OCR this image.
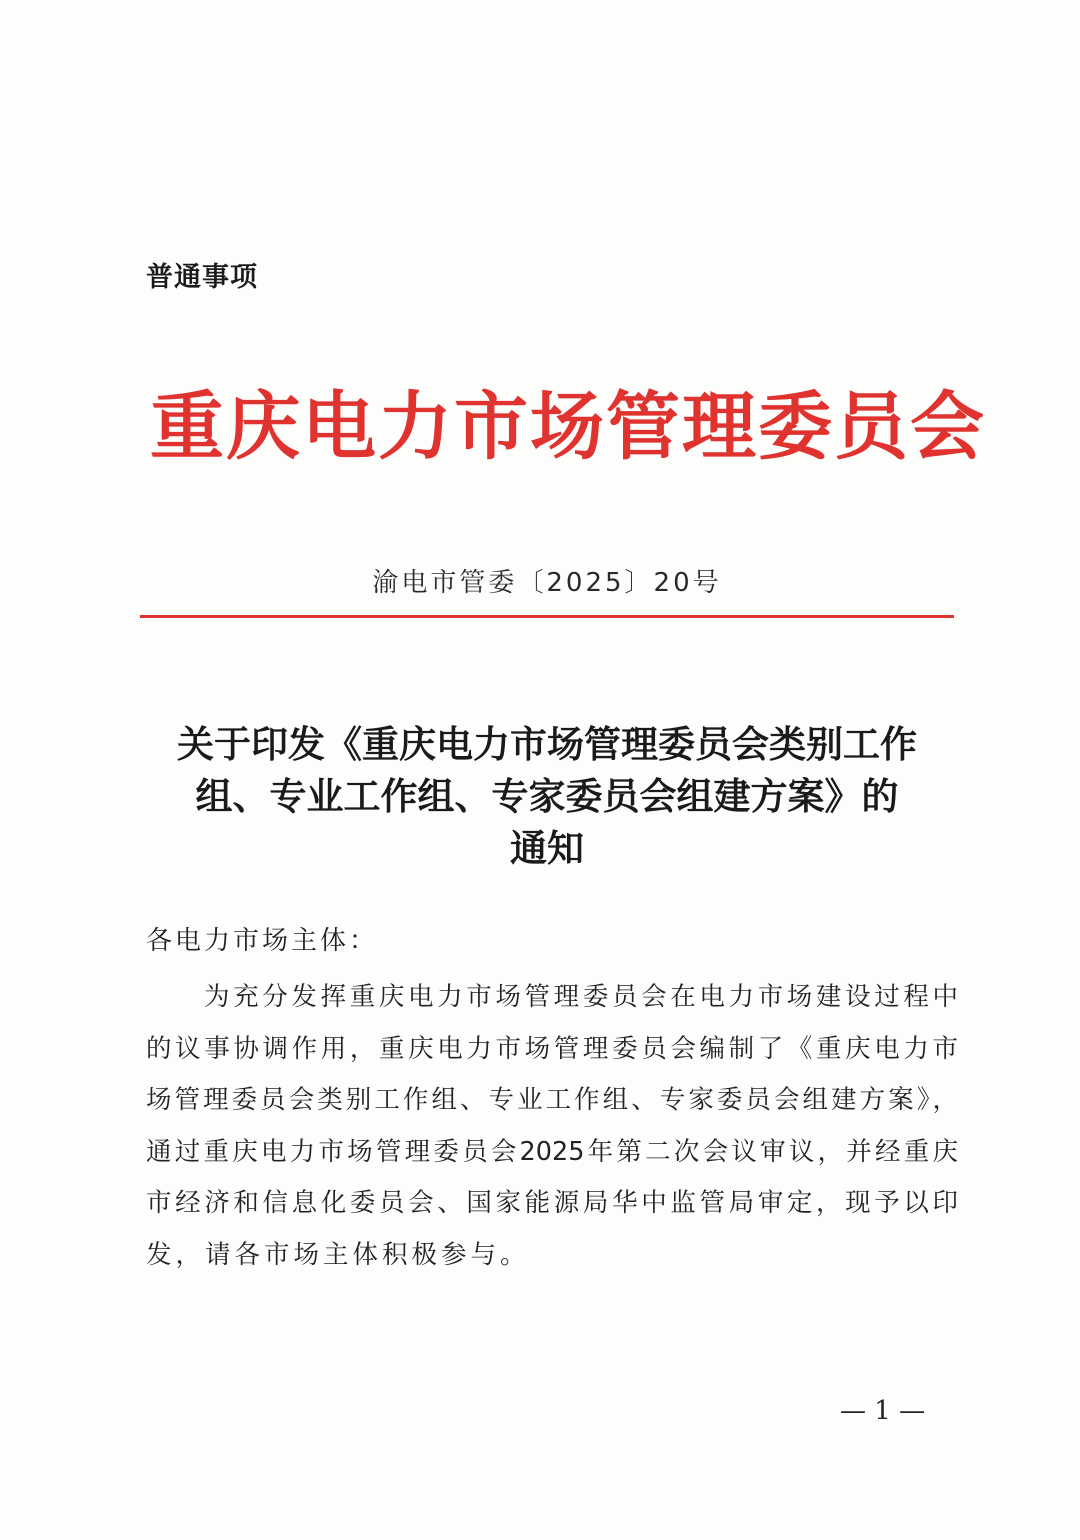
普通事项
重庆电力市场管理委员会
渝电市管委〔2025〕20号
关于印发《重庆电力市场管理委员会类别工作
组、专业工作组、专家委员会组建方案》的
通知
各电力市场主体：
为充分发挥重庆电力市场管理委员会在电力市场建设过程中
的议事协调作用，重庆电力市场管理委员会编制了《重庆电力市
场管理委员会类别工作组、专业工作组、专家委员会组建方案》，
通过重庆电力市场管理委员会2025年第二次会议审议，并经重庆
市经济和信息化委员会、国家能源局华中监管局审定，现予以印
发，请各市场主体积极参与。
— 1 —
